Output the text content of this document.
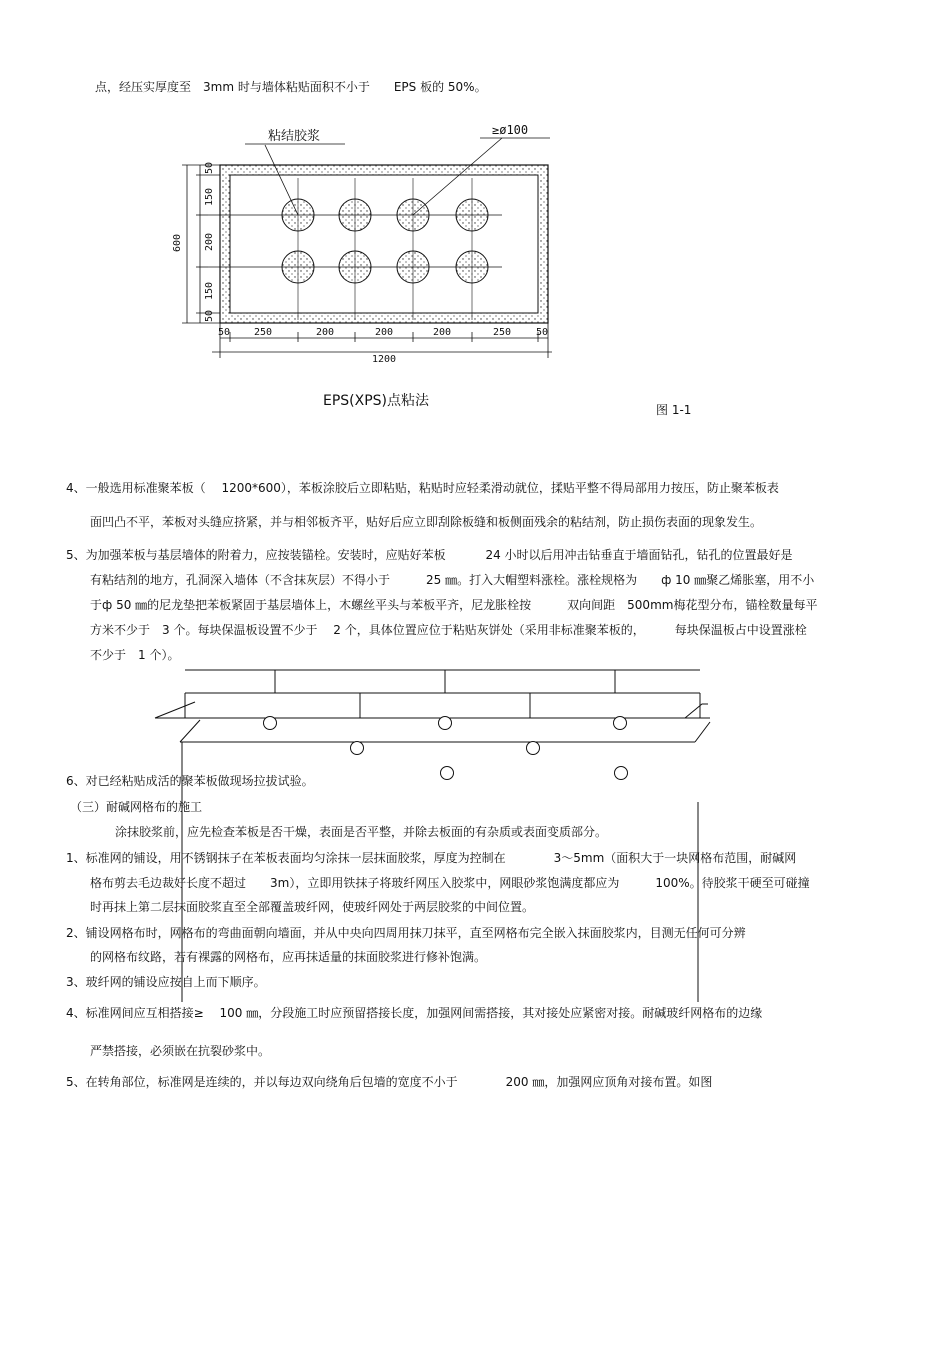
点，经压实厚度至　3mm 时与墙体粘贴面积不小于　　EPS 板的 50%。
粘结胶浆	≥ø100
50
150
200
150
50
600
50 250	200	200	200	250 50
1200
EPS(XPS)点粘法
图 1-1
4、一般选用标准聚苯板（　 1200*600），苯板涂胶后立即粘贴，粘贴时应轻柔滑动就位，揉贴平整不得局部用力按压，防止聚苯板表
面凹凸不平，苯板对头缝应挤紧，并与相邻板齐平，贴好后应立即刮除板缝和板侧面残余的粘结剂，防止损伤表面的现象发生。
5、为加强苯板与基层墙体的附着力，应按装锚栓。安装时，应贴好苯板　　　 24 小时以后用冲击钻垂直于墙面钻孔，钻孔的位置最好是
有粘结剂的地方，孔洞深入墙体（不含抹灰层）不得小于　　　25 ㎜。打入大帽塑料涨栓。涨栓规格为　　ф 10 ㎜聚乙烯胀塞，用不小
于ф 50 ㎜的尼龙垫把苯板紧固于基层墙体上，木螺丝平头与苯板平齐，尼龙胀栓按　　　双向间距　500mm梅花型分布，锚栓数量每平
方米不少于　3 个。每块保温板设置不少于　 2 个，具体位置应位于粘贴灰饼处（采用非标准聚苯板的，　　　每块保温板占中设置涨栓
不少于　1 个）。
6、对已经粘贴成活的聚苯板做现场拉拔试验。
（三）耐碱网格布的施工
涂抹胶浆前，应先检查苯板是否干燥，表面是否平整，并除去板面的有杂质或表面变质部分。
1、标准网的铺设，用不锈钢抹子在苯板表面均匀涂抹一层抹面胶浆，厚度为控制在　　　　3～5mm（面积大于一块网格布范围，耐碱网
格布剪去毛边裁好长度不超过　　3m），立即用铁抹子将玻纤网压入胶浆中，网眼砂浆饱满度都应为　　　100%。待胶浆干硬至可碰撞
时再抹上第二层抹面胶浆直至全部覆盖玻纤网，使玻纤网处于两层胶浆的中间位置。
2、铺设网格布时，网格布的弯曲面朝向墙面，并从中央向四周用抹刀抹平，直至网格布完全嵌入抹面胶浆内，目测无任何可分辨
的网格布纹路，若有裸露的网格布，应再抹适量的抹面胶浆进行修补饱满。
3、玻纤网的铺设应按自上而下顺序。
4、标准网间应互相搭接≥　 100 ㎜，分段施工时应预留搭接长度，加强网间需搭接，其对接处应紧密对接。耐碱玻纤网格布的边缘
严禁搭接，必须嵌在抗裂砂浆中。
5、在转角部位，标准网是连续的，并以每边双向绕角后包墙的宽度不小于　　　　200 ㎜，加强网应顶角对接布置。如图
